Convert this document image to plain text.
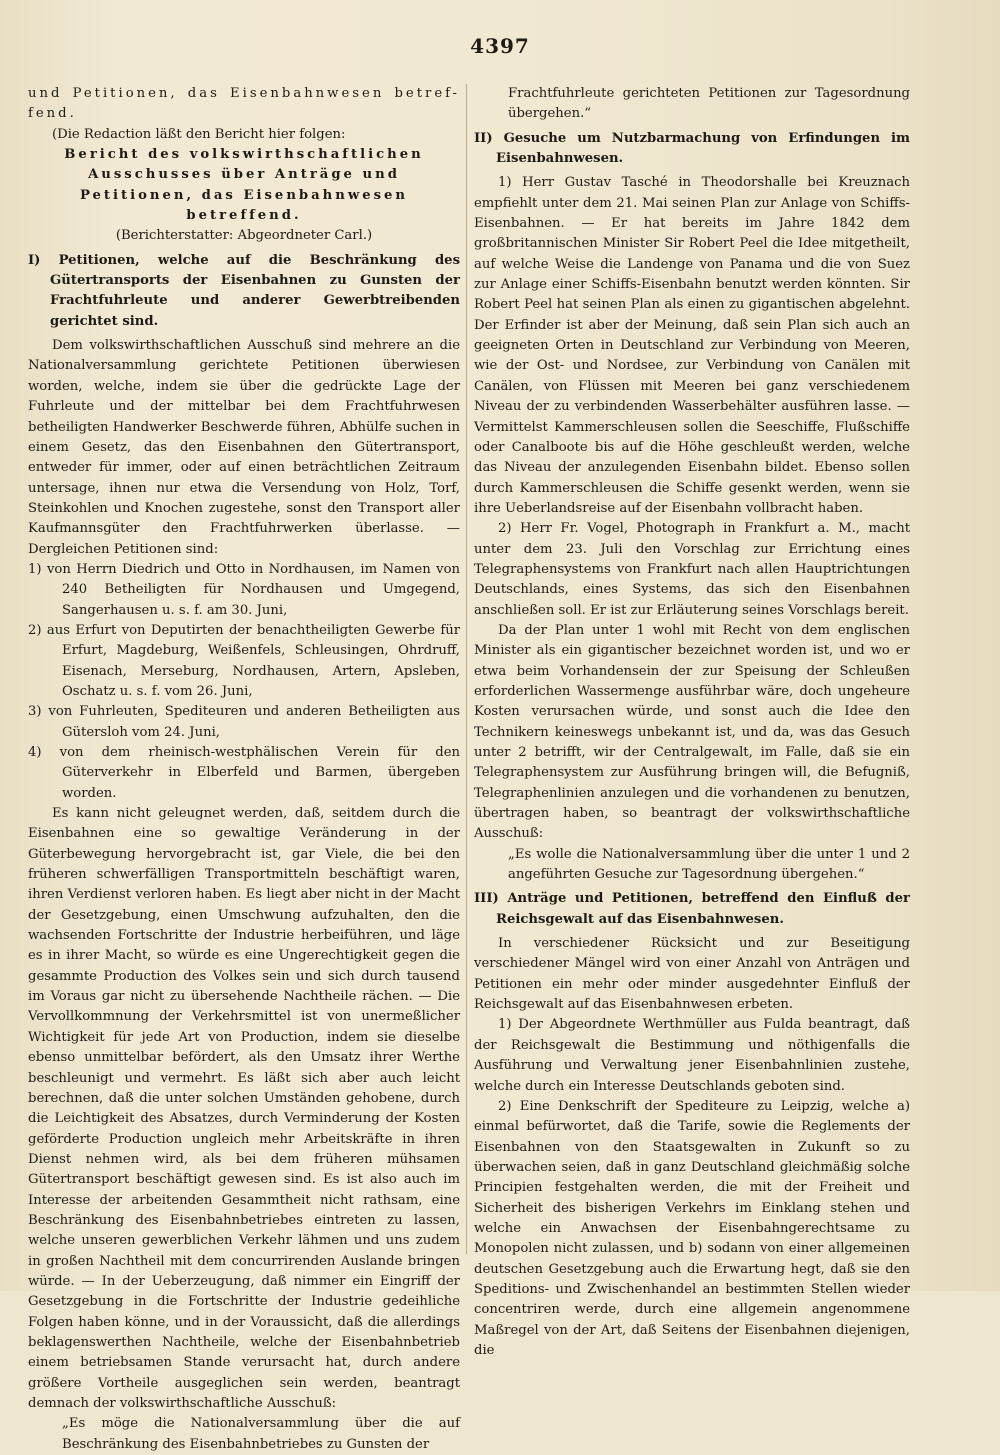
4397

und Petitionen, das Eisenbahnwesen betref-fend.

(Die Redaction läßt den Bericht hier folgen:

Bericht des volkswirthschaftlichen Ausschusses über Anträge und Petitionen, das Eisenbahnwesen betreffend.

(Berichterstatter: Abgeordneter Carl.)

I) Petitionen, welche auf die Beschränkung des Gütertransports der Eisenbahnen zu Gunsten der Frachtfuhrleute und anderer Gewerbtreibenden gerichtet sind.

Dem volkswirthschaftlichen Ausschuß sind mehrere an die Nationalversammlung gerichtete Petitionen überwiesen worden, welche, indem sie über die gedrückte Lage der Fuhrleute und der mittelbar bei dem Frachtfuhrwesen betheiligten Handwerker Beschwerde führen, Abhülfe suchen in einem Gesetz, das den Eisenbahnen den Gütertransport, entweder für immer, oder auf einen beträchtlichen Zeitraum untersage, ihnen nur etwa die Versendung von Holz, Torf, Steinkohlen und Knochen zugestehe, sonst den Transport aller Kaufmannsgüter den Frachtfuhrwerken überlasse. — Dergleichen Petitionen sind:

1) von Herrn Diedrich und Otto in Nordhausen, im Namen von 240 Betheiligten für Nordhausen und Umgegend, Sangerhausen u. s. f. am 30. Juni,

2) aus Erfurt von Deputirten der benachtheiligten Gewerbe für Erfurt, Magdeburg, Weißenfels, Schleusingen, Ohrdruff, Eisenach, Merseburg, Nordhausen, Artern, Apsleben, Oschatz u. s. f. vom 26. Juni,

3) von Fuhrleuten, Spediteuren und anderen Betheiligten aus Gütersloh vom 24. Juni,

4) von dem rheinisch-westphälischen Verein für den Güterverkehr in Elberfeld und Barmen, übergeben worden.

Es kann nicht geleugnet werden, daß, seitdem durch die Eisenbahnen eine so gewaltige Veränderung in der Güterbewegung hervorgebracht ist, gar Viele, die bei den früheren schwerfälligen Transportmitteln beschäftigt waren, ihren Verdienst verloren haben. Es liegt aber nicht in der Macht der Gesetzgebung, einen Umschwung aufzuhalten, den die wachsenden Fortschritte der Industrie herbeiführen, und läge es in ihrer Macht, so würde es eine Ungerechtigkeit gegen die gesammte Production des Volkes sein und sich durch tausend im Voraus gar nicht zu übersehende Nachtheile rächen. — Die Vervollkommnung der Verkehrsmittel ist von unermeßlicher Wichtigkeit für jede Art von Production, indem sie dieselbe ebenso unmittelbar befördert, als den Umsatz ihrer Werthe beschleunigt und vermehrt. Es läßt sich aber auch leicht berechnen, daß die unter solchen Umständen gehobene, durch die Leichtigkeit des Absatzes, durch Verminderung der Kosten geförderte Production ungleich mehr Arbeitskräfte in ihren Dienst nehmen wird, als bei dem früheren mühsamen Gütertransport beschäftigt gewesen sind. Es ist also auch im Interesse der arbeitenden Gesammtheit nicht rathsam, eine Beschränkung des Eisenbahnbetriebes eintreten zu lassen, welche unseren gewerblichen Verkehr lähmen und uns zudem in großen Nachtheil mit dem concurrirenden Auslande bringen würde. — In der Ueberzeugung, daß nimmer ein Eingriff der Gesetzgebung in die Fortschritte der Industrie gedeihliche Folgen haben könne, und in der Voraussicht, daß die allerdings beklagenswerthen Nachtheile, welche der Eisenbahnbetrieb einem betriebsamen Stande verursacht hat, durch andere größere Vortheile ausgeglichen sein werden, beantragt demnach der volkswirthschaftliche Ausschuß:

„Es möge die Nationalversammlung über die auf Beschränkung des Eisenbahnbetriebes zu Gunsten der

Frachtfuhrleute gerichteten Petitionen zur Tagesordnung übergehen.“

II) Gesuche um Nutzbarmachung von Erfindungen im Eisenbahnwesen.

1) Herr Gustav Tasché in Theodorshalle bei Kreuznach empfiehlt unter dem 21. Mai seinen Plan zur Anlage von Schiffs-Eisenbahnen. — Er hat bereits im Jahre 1842 dem großbritannischen Minister Sir Robert Peel die Idee mitgetheilt, auf welche Weise die Landenge von Panama und die von Suez zur Anlage einer Schiffs-Eisenbahn benutzt werden könnten. Sir Robert Peel hat seinen Plan als einen zu gigantischen abgelehnt. Der Erfinder ist aber der Meinung, daß sein Plan sich auch an geeigneten Orten in Deutschland zur Verbindung von Meeren, wie der Ost- und Nordsee, zur Verbindung von Canälen mit Canälen, von Flüssen mit Meeren bei ganz verschiedenem Niveau der zu verbindenden Wasserbehälter ausführen lasse. — Vermittelst Kammerschleusen sollen die Seeschiffe, Flußschiffe oder Canalboote bis auf die Höhe geschleußt werden, welche das Niveau der anzulegenden Eisenbahn bildet. Ebenso sollen durch Kammerschleusen die Schiffe gesenkt werden, wenn sie ihre Ueberlandsreise auf der Eisenbahn vollbracht haben.

2) Herr Fr. Vogel, Photograph in Frankfurt a. M., macht unter dem 23. Juli den Vorschlag zur Errichtung eines Telegraphensystems von Frankfurt nach allen Hauptrichtungen Deutschlands, eines Systems, das sich den Eisenbahnen anschließen soll. Er ist zur Erläuterung seines Vorschlags bereit.

Da der Plan unter 1 wohl mit Recht von dem englischen Minister als ein gigantischer bezeichnet worden ist, und wo er etwa beim Vorhandensein der zur Speisung der Schleußen erforderlichen Wassermenge ausführbar wäre, doch ungeheure Kosten verursachen würde, und sonst auch die Idee den Technikern keineswegs unbekannt ist, und da, was das Gesuch unter 2 betrifft, wir der Centralgewalt, im Falle, daß sie ein Telegraphensystem zur Ausführung bringen will, die Befugniß, Telegraphenlinien anzulegen und die vorhandenen zu benutzen, übertragen haben, so beantragt der volkswirthschaftliche Ausschuß:

„Es wolle die Nationalversammlung über die unter 1 und 2 angeführten Gesuche zur Tagesordnung übergehen.“

III) Anträge und Petitionen, betreffend den Einfluß der Reichsgewalt auf das Eisenbahnwesen.

In verschiedener Rücksicht und zur Beseitigung verschiedener Mängel wird von einer Anzahl von Anträgen und Petitionen ein mehr oder minder ausgedehnter Einfluß der Reichsgewalt auf das Eisenbahnwesen erbeten.

1) Der Abgeordnete Werthmüller aus Fulda beantragt, daß der Reichsgewalt die Bestimmung und nöthigenfalls die Ausführung und Verwaltung jener Eisenbahnlinien zustehe, welche durch ein Interesse Deutschlands geboten sind.

2) Eine Denkschrift der Spediteure zu Leipzig, welche a) einmal befürwortet, daß die Tarife, sowie die Reglements der Eisenbahnen von den Staatsgewalten in Zukunft so zu überwachen seien, daß in ganz Deutschland gleichmäßig solche Principien festgehalten werden, die mit der Freiheit und Sicherheit des bisherigen Verkehrs im Einklang stehen und welche ein Anwachsen der Eisenbahngerechtsame zu Monopolen nicht zulassen, und b) sodann von einer allgemeinen deutschen Gesetzgebung auch die Erwartung hegt, daß sie den Speditions- und Zwischenhandel an bestimmten Stellen wieder concentriren werde, durch eine allgemein angenommene Maßregel von der Art, daß Seitens der Eisenbahnen diejenigen, die
